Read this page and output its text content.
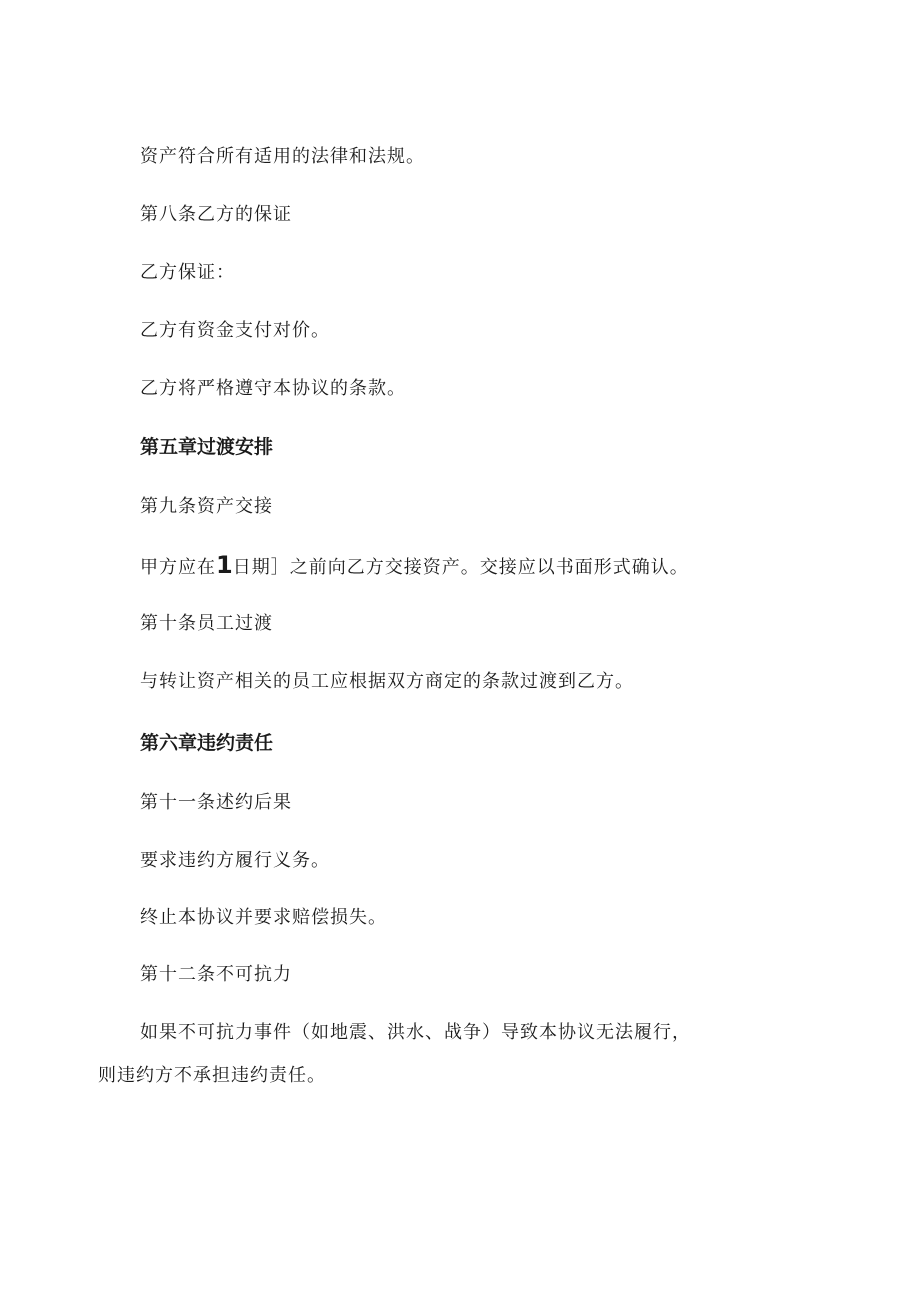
资产符合所有适用的法律和法规。
第八条乙方的保证
乙方保证：
乙方有资金支付对价。
乙方将严格遵守本协议的条款。
第五章过渡安排
第九条资产交接
甲方应在1日期］之前向乙方交接资产。交接应以书面形式确认。
第十条员工过渡
与转让资产相关的员工应根据双方商定的条款过渡到乙方。
第六章违约责任
第十一条述约后果
要求违约方履行义务。
终止本协议并要求赔偿损失。
第十二条不可抗力
如果不可抗力事件（如地震、洪水、战争）导致本协议无法履行，
则违约方不承担违约责任。
